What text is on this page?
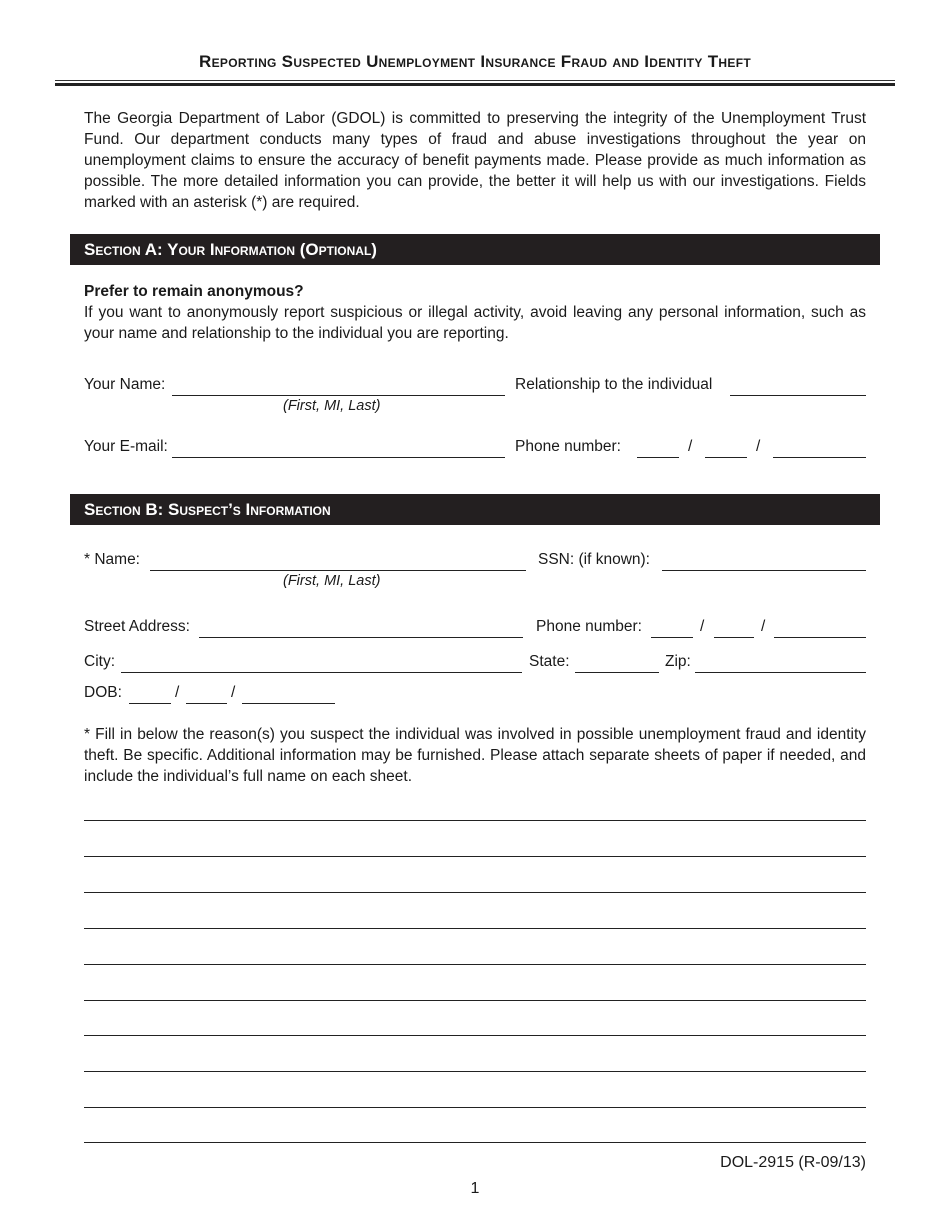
Reporting Suspected Unemployment Insurance Fraud and Identity Theft
The Georgia Department of Labor (GDOL) is committed to preserving the integrity of the Unemployment Trust Fund. Our department conducts many types of fraud and abuse investigations throughout the year on unemployment claims to ensure the accuracy of benefit payments made. Please provide as much information as possible. The more detailed information you can provide, the better it will help us with our investigations. Fields marked with an asterisk (*) are required.
Section A: Your Information (Optional)
Prefer to remain anonymous?
If you want to anonymously report suspicious or illegal activity, avoid leaving any personal information, such as your name and relationship to the individual you are reporting.
Your Name:
(First, MI, Last)
Relationship to the individual
Your E-mail:	Phone number:	/	/
Section B: Suspect’s Information
* Name:
(First, MI, Last)
SSN: (if known):
Street Address:	Phone number:	/	/
City:	State:	Zip:
DOB:	/	/
* Fill in below the reason(s) you suspect the individual was involved in possible unemployment fraud and identity theft. Be specific. Additional information may be furnished. Please attach separate sheets of paper if needed, and include the individual’s full name on each sheet.
DOL-2915 (R-09/13)
1
